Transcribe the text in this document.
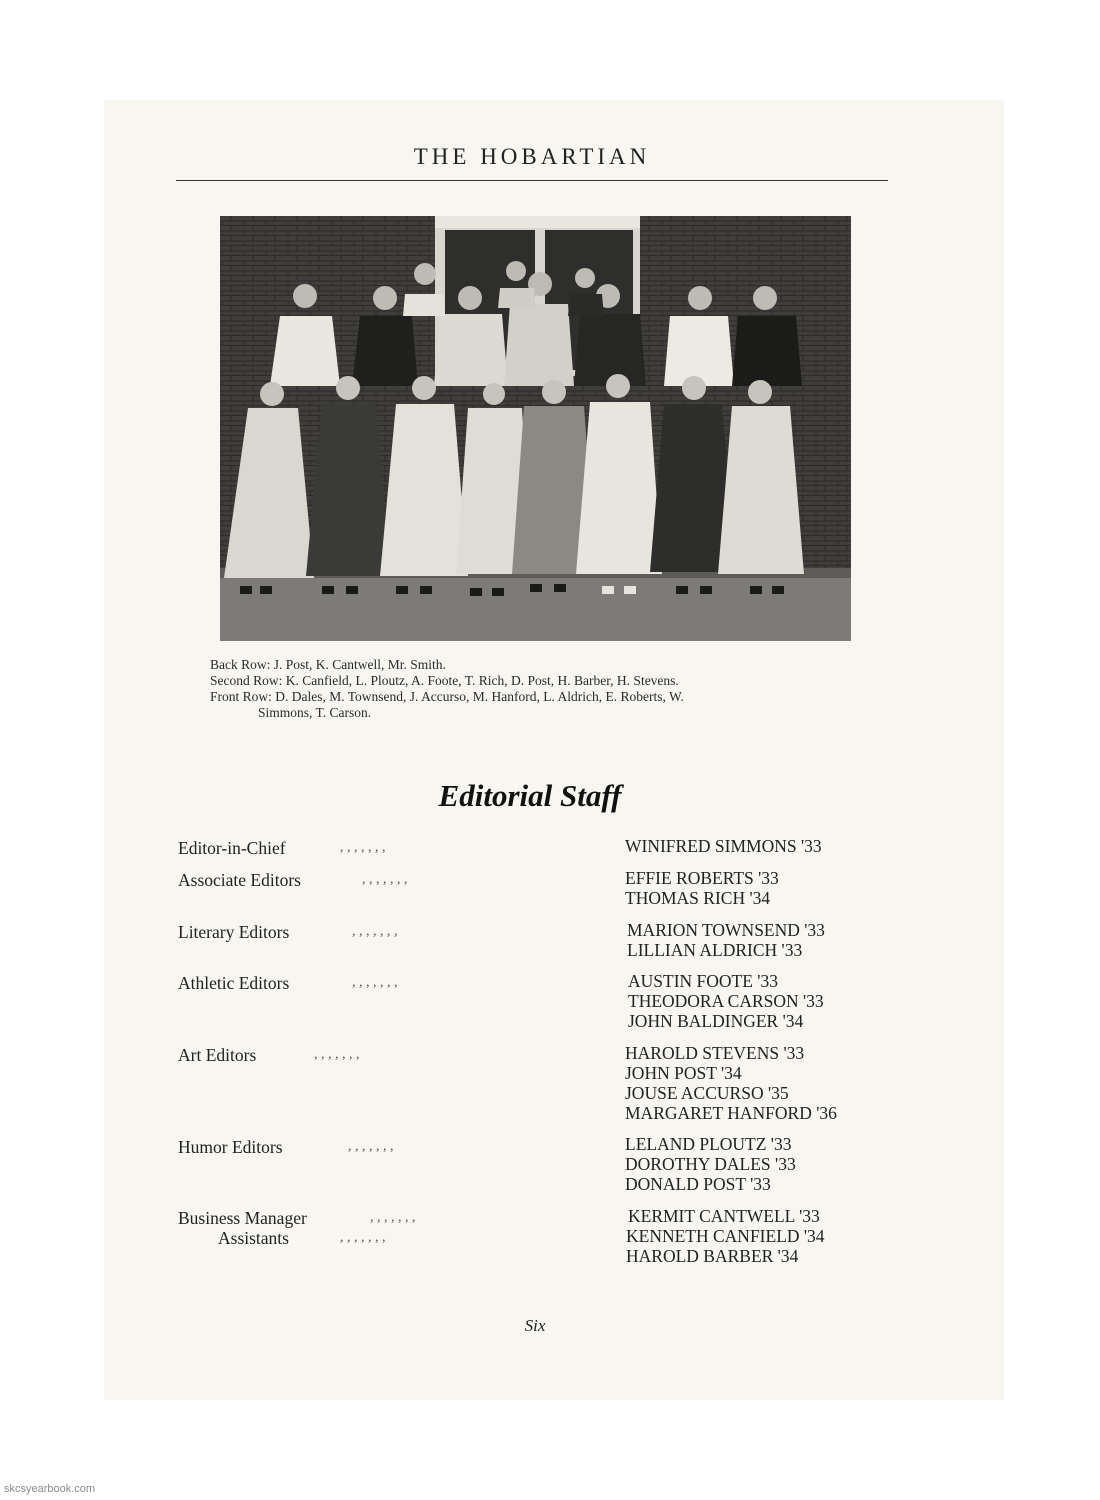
THE HOBARTIAN
Back Row: J. Post, K. Cantwell, Mr. Smith.
Second Row: K. Canfield, L. Ploutz, A. Foote, T. Rich, D. Post, H. Barber, H. Stevens.
Front Row: D. Dales, M. Townsend, J. Accurso, M. Hanford, L. Aldrich, E. Roberts, W.
Simmons, T. Carson.
Editorial Staff
Editor-in-Chief	, , , , , , ,	WINIFRED SIMMONS '33
Associate Editors	, , , , , , ,	EFFIE ROBERTS '33
THOMAS RICH '34
Literary Editors	, , , , , , ,	MARION TOWNSEND '33
LILLIAN ALDRICH '33
Athletic Editors	, , , , , , ,	AUSTIN FOOTE '33
THEODORA CARSON '33
JOHN BALDINGER '34
Art Editors	, , , , , , ,	HAROLD STEVENS '33
JOHN POST '34
JOUSE ACCURSO '35
MARGARET HANFORD '36
Humor Editors	, , , , , , ,	LELAND PLOUTZ '33
DOROTHY DALES '33
DONALD POST '33
Business Manager	, , , , , , ,	KERMIT CANTWELL '33
Assistants	, , , , , , ,	KENNETH CANFIELD '34
HAROLD BARBER '34
Six
skcsyearbook.com
